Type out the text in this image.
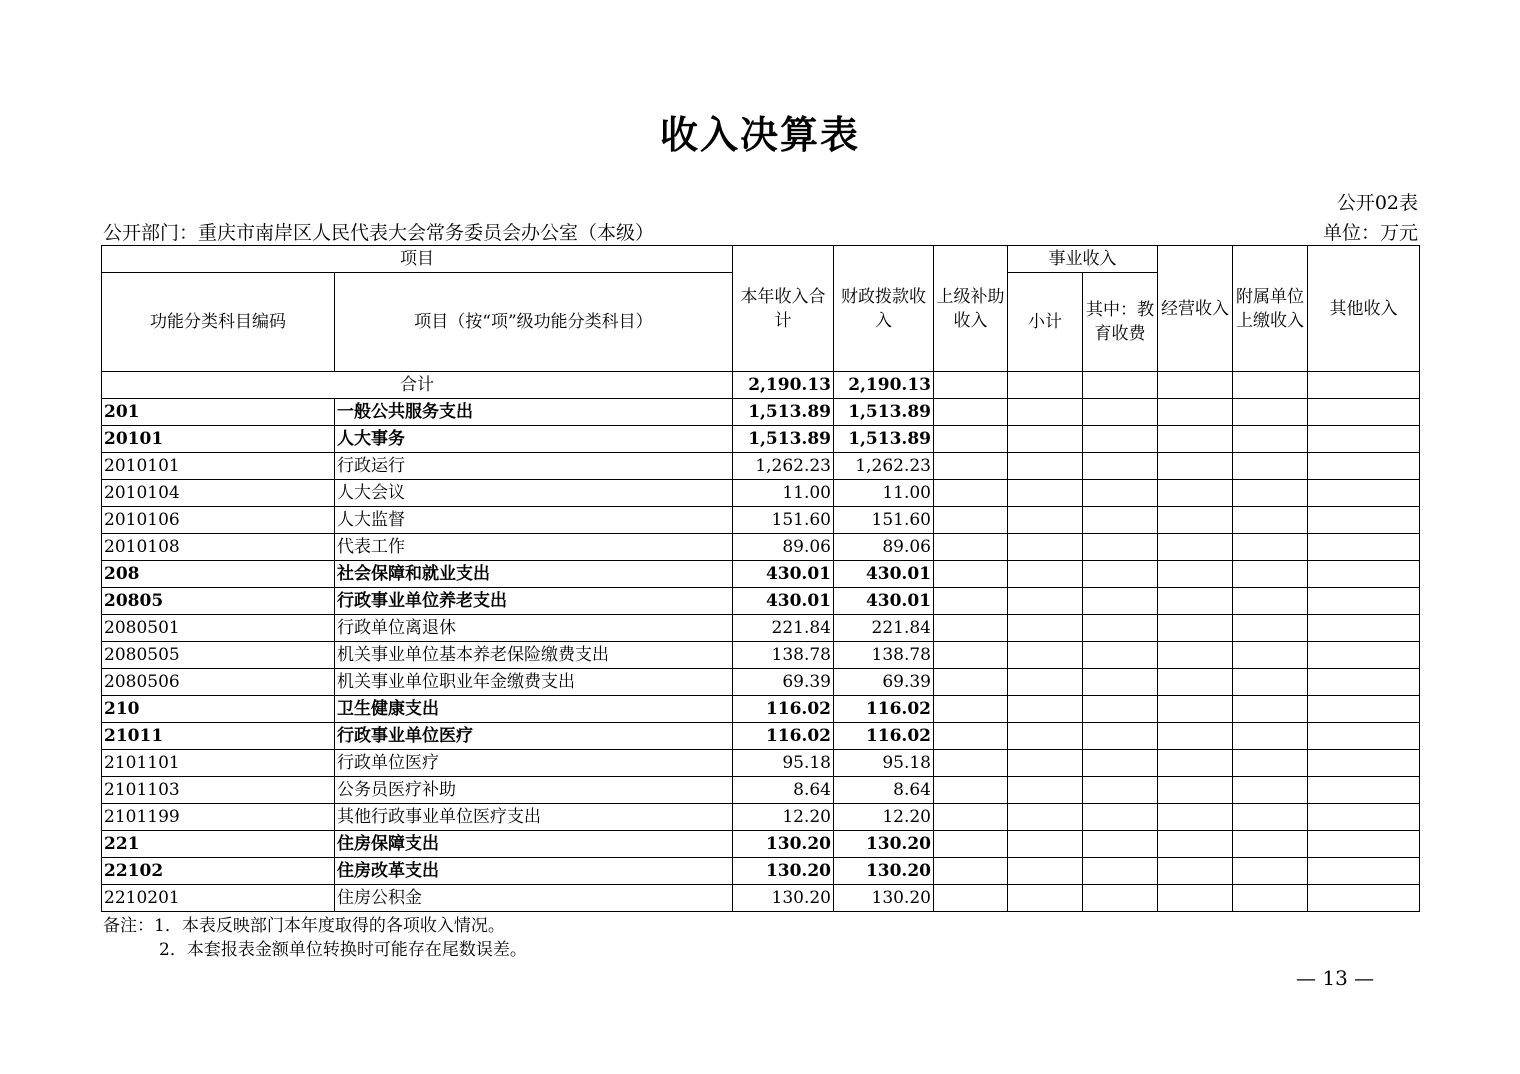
收入决算表
公开02表
公开部门：重庆市南岸区人民代表大会常务委员会办公室（本级）	单位：万元
项目		本年收入合计	财政拨款收入	上级补助收入	事业收入		经营收入	附属单位上缴收入	其他收入
功能分类科目编码	项目（按“项”级功能分类科目）				小计	其中：教育收费			
合计		2,190.13	2,190.13						
201	一般公共服务支出	1,513.89	1,513.89						
20101	人大事务	1,513.89	1,513.89						
2010101	行政运行	1,262.23	1,262.23						
2010104	人大会议	11.00	11.00						
2010106	人大监督	151.60	151.60						
2010108	代表工作	89.06	89.06						
208	社会保障和就业支出	430.01	430.01						
20805	行政事业单位养老支出	430.01	430.01						
2080501	行政单位离退休	221.84	221.84						
2080505	机关事业单位基本养老保险缴费支出	138.78	138.78						
2080506	机关事业单位职业年金缴费支出	69.39	69.39						
210	卫生健康支出	116.02	116.02						
21011	行政事业单位医疗	116.02	116.02						
2101101	行政单位医疗	95.18	95.18						
2101103	公务员医疗补助	8.64	8.64						
2101199	其他行政事业单位医疗支出	12.20	12.20						
221	住房保障支出	130.20	130.20						
22102	住房改革支出	130.20	130.20						
2210201	住房公积金	130.20	130.20						
备注：1．本表反映部门本年度取得的各项收入情况。
2．本套报表金额单位转换时可能存在尾数误差。
— 13 —
